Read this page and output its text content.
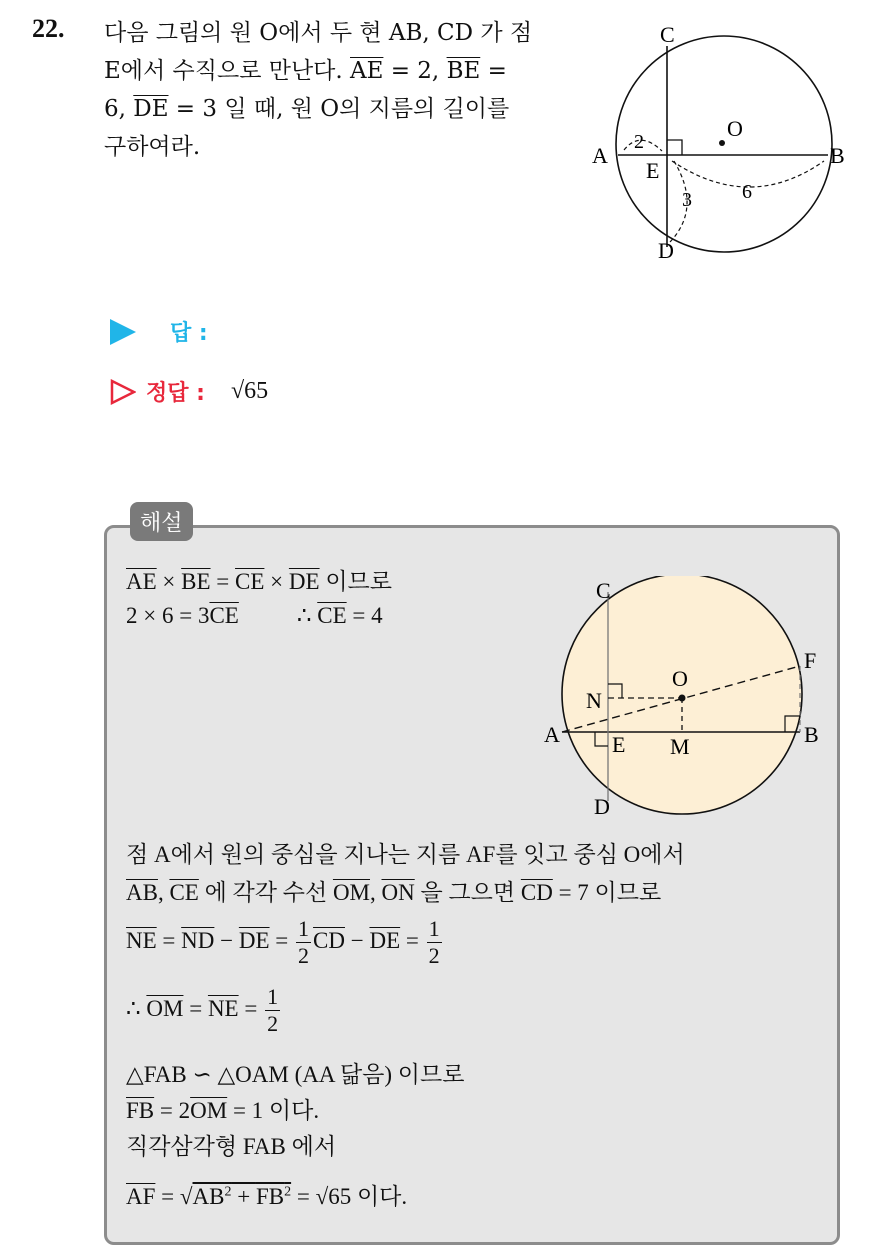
22. 다음 그림의 원 O에서 두 현 AB, CD 가 점
E에서 수직으로 만난다. $\overline{AE} = 2$, $\overline{BE}$ =
6, $\overline{DE} = 3$ 일 때, 원 O의 지름의 길이를
구하여라.
C
A	B
D
E
O
2
6
3
답 :
정답 : √65
해설
$\overline{AE} \times \overline{BE} = \overline{CE} \times \overline{DE}$ 이므로
$2 \times 6 = 3\overline{CE}$	∴ $\overline{CE} = 4$
C
F
N
O
A	B
E M
D
점 A에서 원의 중심을 지나는 지름 AF를 잇고 중심 O에서
$\overline{AB}$, $\overline{CE}$ 에 각각 수선 $\overline{OM}$, $\overline{ON}$ 을 그으면 $\overline{CD} = 7$ 이므로
$\overline{NE} = \overline{ND} - \overline{DE} = \frac{1}{2} \overline{CD} - \overline{DE} = \frac{1}{2}$
∴ $\overline{OM} = \overline{NE} = \frac{1}{2}$
△FAB ∽ △OAM (AA 닮음) 이므로
$\overline{FB} = 2\overline{OM} = 1$ 이다.
직각삼각형 FAB 에서
$\overline{AF} = √AB^2 + FB^2 = √65$ 이다.
